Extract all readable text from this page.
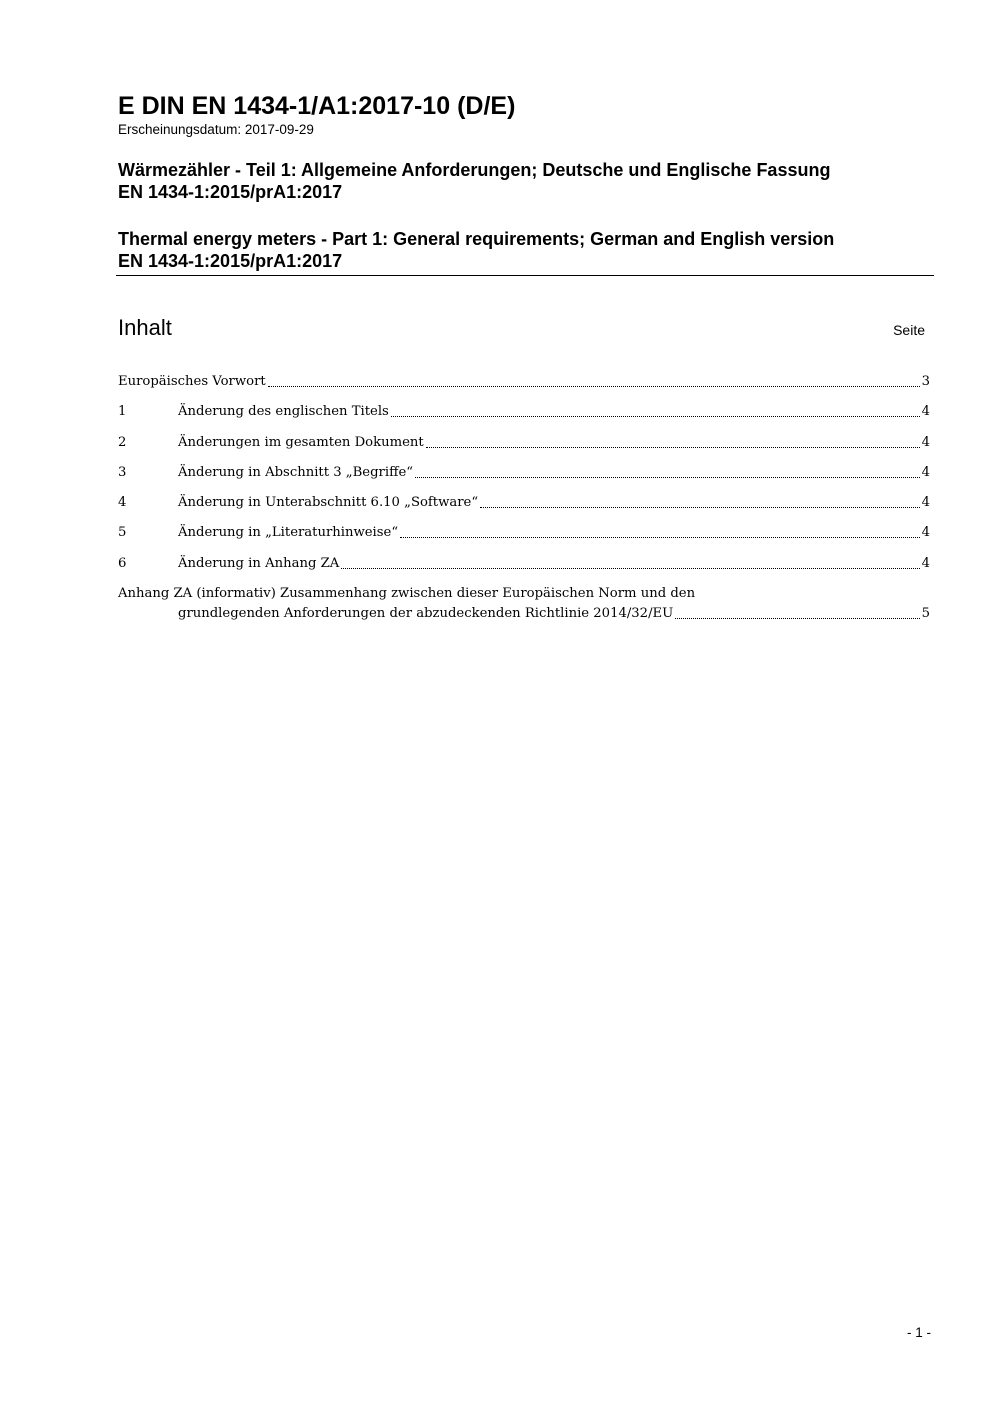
E DIN EN 1434-1/A1:2017-10 (D/E)
Erscheinungsdatum: 2017-09-29
Wärmezähler - Teil 1: Allgemeine Anforderungen; Deutsche und Englische Fassung
EN 1434-1:2015/prA1:2017
Thermal energy meters - Part 1: General requirements; German and English version
EN 1434-1:2015/prA1:2017
Inhalt	Seite
Europäisches Vorwort	3
1	Änderung des englischen Titels	4
2	Änderungen im gesamten Dokument	4
3	Änderung in Abschnitt 3 „Begriffe“	4
4	Änderung in Unterabschnitt 6.10 „Software“	4
5	Änderung in „Literaturhinweise“	4
6	Änderung in Anhang ZA	4
Anhang ZA (informativ) Zusammenhang zwischen dieser Europäischen Norm und den
grundlegenden Anforderungen der abzudeckenden Richtlinie 2014/32/EU	5
- 1 -
